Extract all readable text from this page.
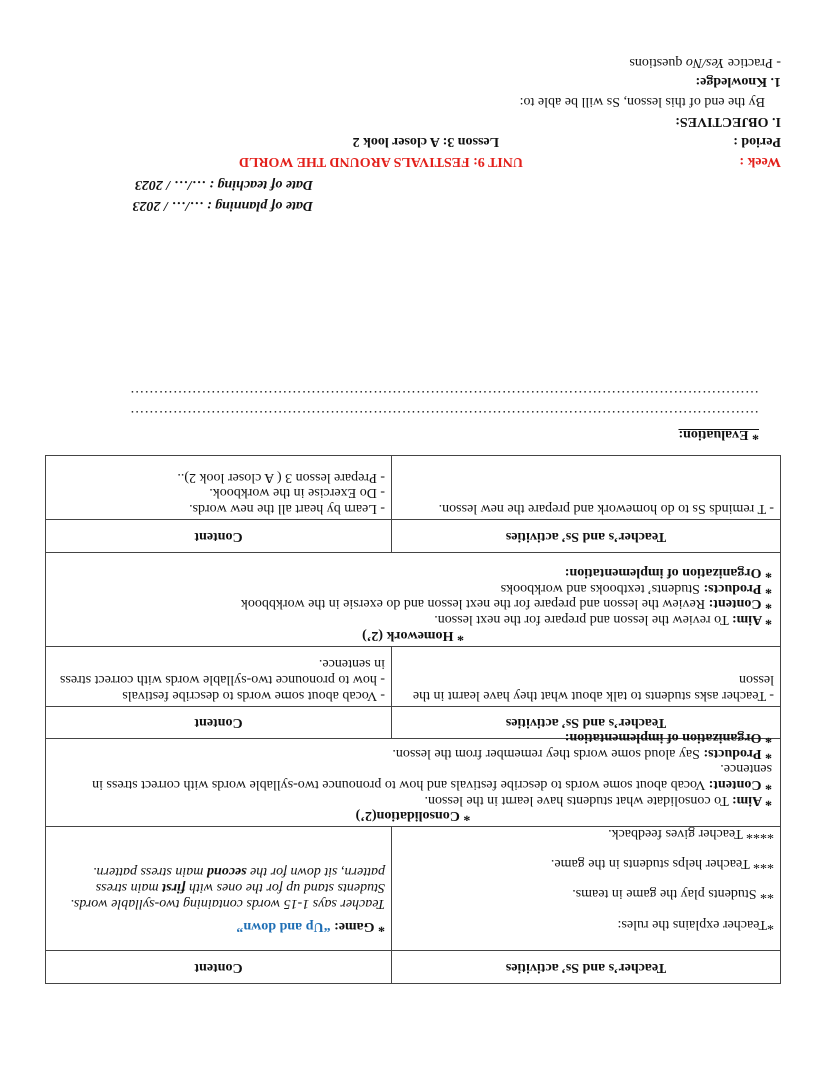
Date of planning : …/… / 2023
Date of teaching : …/… / 2023
Week :
UNIT 9: FESTIVALS AROUND THE WORLD
Period :
Lesson 3: A closer look 2
I. OBJECTIVES:
By the end of this lesson, Ss will be able to:
1. Knowledge:
- Practice Yes/No questions
Teacher’s and Ss’ activities
Content
*Teacher explains the rules:
** Students play the game in teams.
*** Teacher helps students in the game.
**** Teacher gives feedback.
* Game: “Up and down”
Teacher says 1-15 words containing two-syllable words. Students stand up for the ones with first main stress pattern, sit down for the second main stress pattern.
* Consolidation(2’)
* Aim: To consolidate what students have learnt in the lesson.
* Content: Vocab about some words to describe festivals and how to pronounce two-syllable words with correct stress in sentence.
* Products: Say aloud some words they remember from the lesson.
* Organization of implementation:
Teacher’s and Ss’ activities
Content
- Teacher asks students to talk about what they have learnt in the lesson
- Vocab about some words to describe festivals
- how to pronounce two-syllable words with correct stress in sentence.
* Homework (2’)
* Aim: To review the lesson and prepare for the next lesson.
* Content: Review the lesson and prepare for the next lesson and do exersie in the workbbook
* Products: Students’ textbooks and workbooks
* Organization of implementation:
Teacher’s and Ss’ activities
Content
- T reminds Ss to do homework and prepare the new lesson.
- Learn by heart all the new words.
- Do Exercise in the workbook.
- Prepare lesson 3 ( A closer look 2)..
* Evaluation:
……………………………………………………………………………………………………………………
……………………………………………………………………………………………………………………
